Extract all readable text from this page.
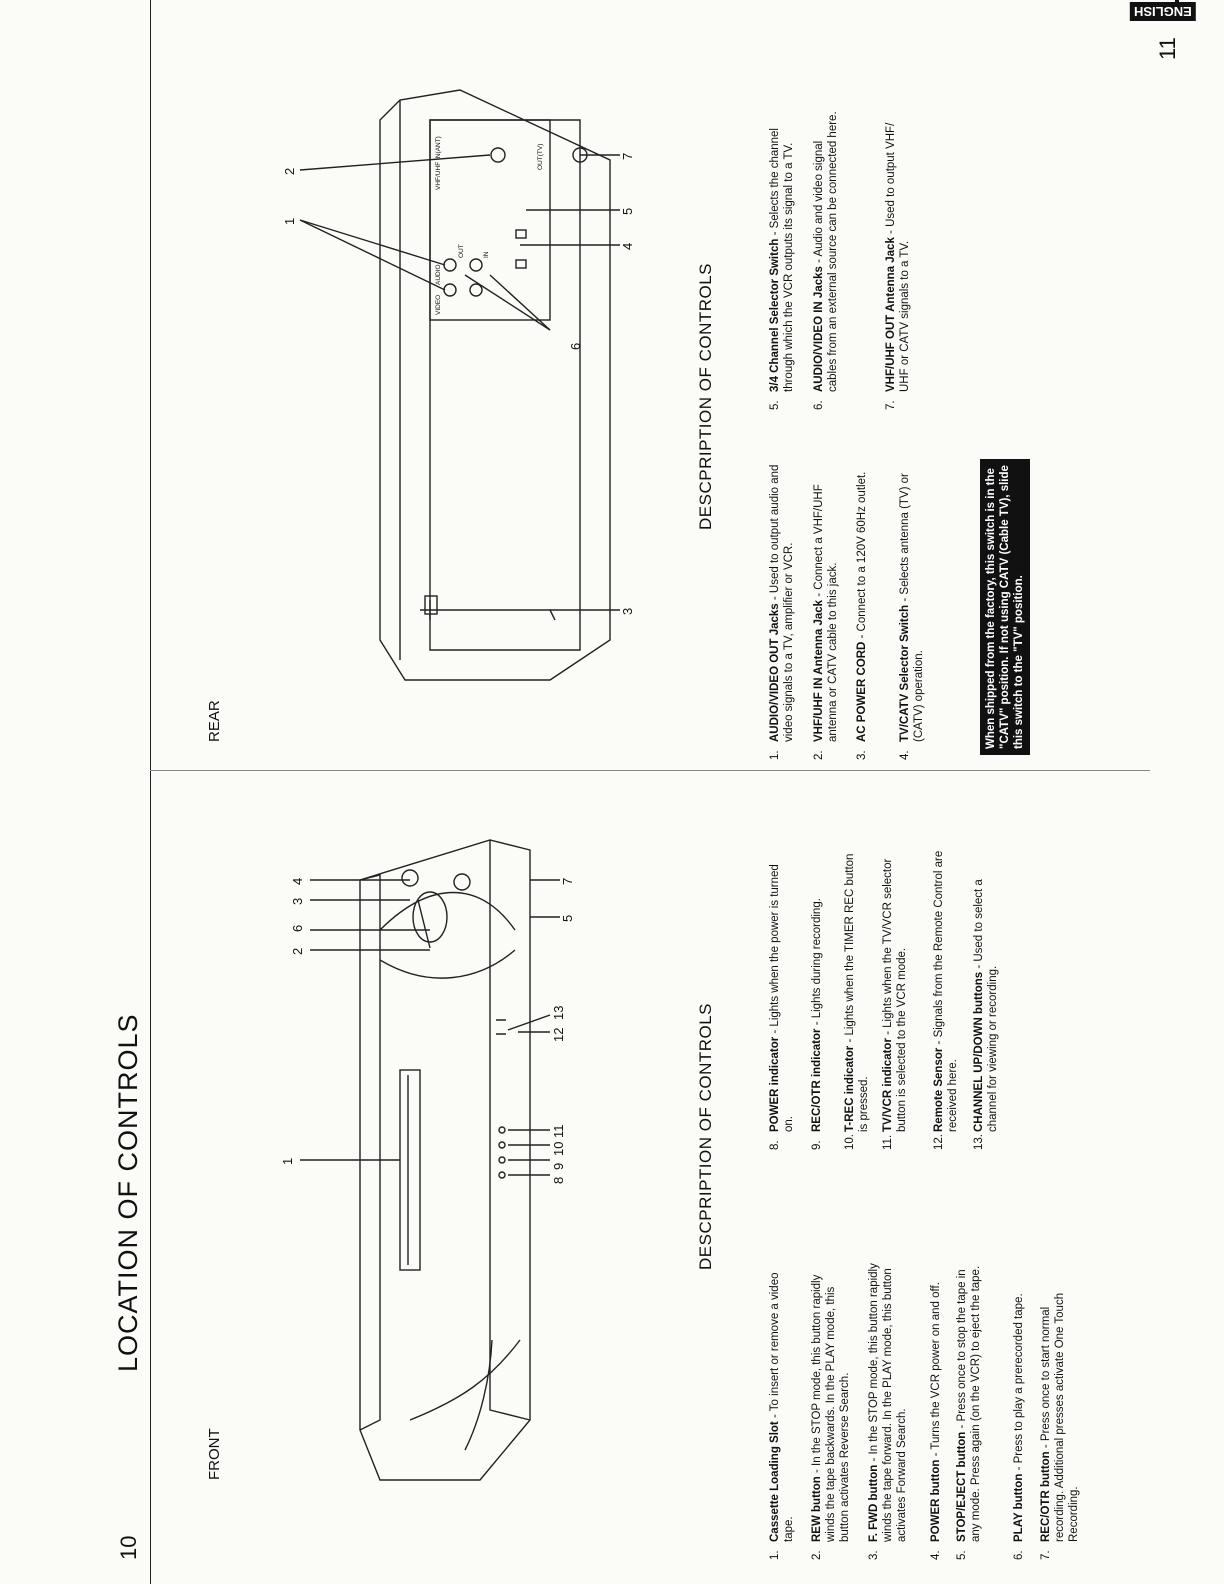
LOCATION OF CONTROLS
10
FRONT
DESCPRIPTION OF CONTROLS
1
2
6
3
4
5
7
12
13
11
10
9
8
1.
Cassette Loading Slot - To insert or remove a video tape.
2.
REW button - In the STOP mode, this button rapidly winds the tape backwards. In the PLAY mode, this button activates Reverse Search.
3.
F. FWD button - In the STOP mode, this button rapidly winds the tape forward. In the PLAY mode, this button activates Forward Search.
4.
POWER button - Turns the VCR power on and off.
5.
STOP/EJECT button - Press once to stop the tape in any mode. Press again (on the VCR) to eject the tape.
6.
PLAY button - Press to play a prerecorded tape.
7.
REC/OTR button - Press once to start normal recording. Additional presses activate One Touch Recording.
8.
POWER indicator - Lights when the power is turned on.
9.
REC/OTR indicator - Lights during recording.
10.
T-REC indicator - Lights when the TIMER REC button is pressed.
11.
TV/VCR indicator - Lights when the TV/VCR selector button is selected to the VCR mode.
12.
Remote Sensor - Signals from the Remote Control are received here.
13.
CHANNEL UP/DOWN buttons - Used to select a channel for viewing or recording.
ENGLISH
11
REAR
DESCPRIPTION OF CONTROLS
VIDEO
AUDIO
OUT	IN
VHF/UHF IN(ANT)	OUT(TV)
1
2
3
4
5
6
7
1.
AUDIO/VIDEO OUT Jacks - Used to output audio and video signals to a TV, amplifier or VCR.
2.
VHF/UHF IN Antenna Jack - Connect a VHF/UHF antenna or CATV cable to this jack.
3.
AC POWER CORD - Connect to a 120V 60Hz outlet.
4.
TV/CATV Selector Switch - Selects antenna (TV) or (CATV) operation.
5.
3/4 Channel Selector Switch - Selects the channel through which the VCR outputs its signal to a TV.
6.
AUDIO/VIDEO IN Jacks - Audio and video signal cables from an external source can be connected here.
7.
VHF/UHF OUT Antenna Jack - Used to output VHF/ UHF or CATV signals to a TV.
When shipped from the factory, this switch is in the "CATV" position. If not using CATV (Cable TV), slide this switch to the "TV" position.
